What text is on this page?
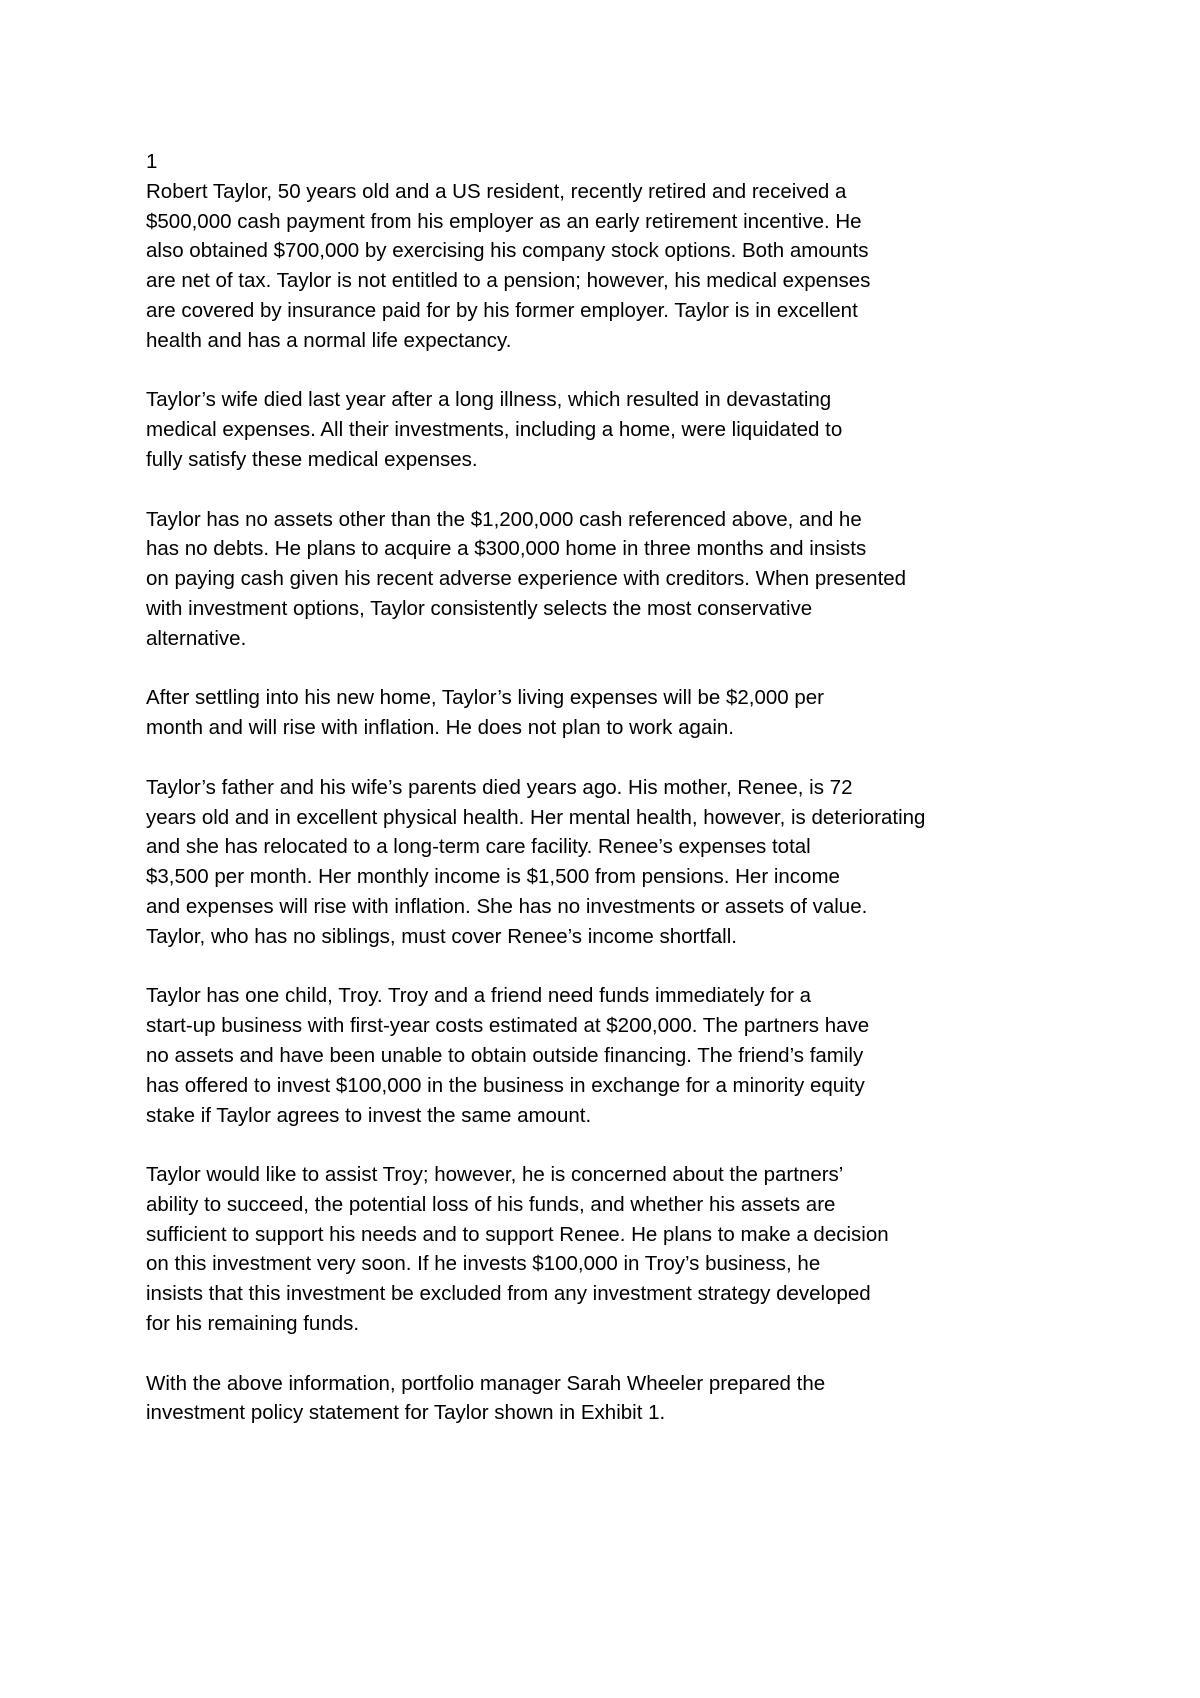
1
Robert Taylor, 50 years old and a US resident, recently retired and received a
$500,000 cash payment from his employer as an early retirement incentive. He
also obtained $700,000 by exercising his company stock options. Both amounts
are net of tax. Taylor is not entitled to a pension; however, his medical expenses
are covered by insurance paid for by his former employer. Taylor is in excellent
health and has a normal life expectancy.
Taylor’s wife died last year after a long illness, which resulted in devastating
medical expenses. All their investments, including a home, were liquidated to
fully satisfy these medical expenses.
Taylor has no assets other than the $1,200,000 cash referenced above, and he
has no debts. He plans to acquire a $300,000 home in three months and insists
on paying cash given his recent adverse experience with creditors. When presented
with investment options, Taylor consistently selects the most conservative
alternative.
After settling into his new home, Taylor’s living expenses will be $2,000 per
month and will rise with inflation. He does not plan to work again.
Taylor’s father and his wife’s parents died years ago. His mother, Renee, is 72
years old and in excellent physical health. Her mental health, however, is deteriorating
and she has relocated to a long-term care facility. Renee’s expenses total
$3,500 per month. Her monthly income is $1,500 from pensions. Her income
and expenses will rise with inflation. She has no investments or assets of value.
Taylor, who has no siblings, must cover Renee’s income shortfall.
Taylor has one child, Troy. Troy and a friend need funds immediately for a
start-up business with first-year costs estimated at $200,000. The partners have
no assets and have been unable to obtain outside financing. The friend’s family
has offered to invest $100,000 in the business in exchange for a minority equity
stake if Taylor agrees to invest the same amount.
Taylor would like to assist Troy; however, he is concerned about the partners’
ability to succeed, the potential loss of his funds, and whether his assets are
sufficient to support his needs and to support Renee. He plans to make a decision
on this investment very soon. If he invests $100,000 in Troy’s business, he
insists that this investment be excluded from any investment strategy developed
for his remaining funds.
With the above information, portfolio manager Sarah Wheeler prepared the
investment policy statement for Taylor shown in Exhibit 1.
